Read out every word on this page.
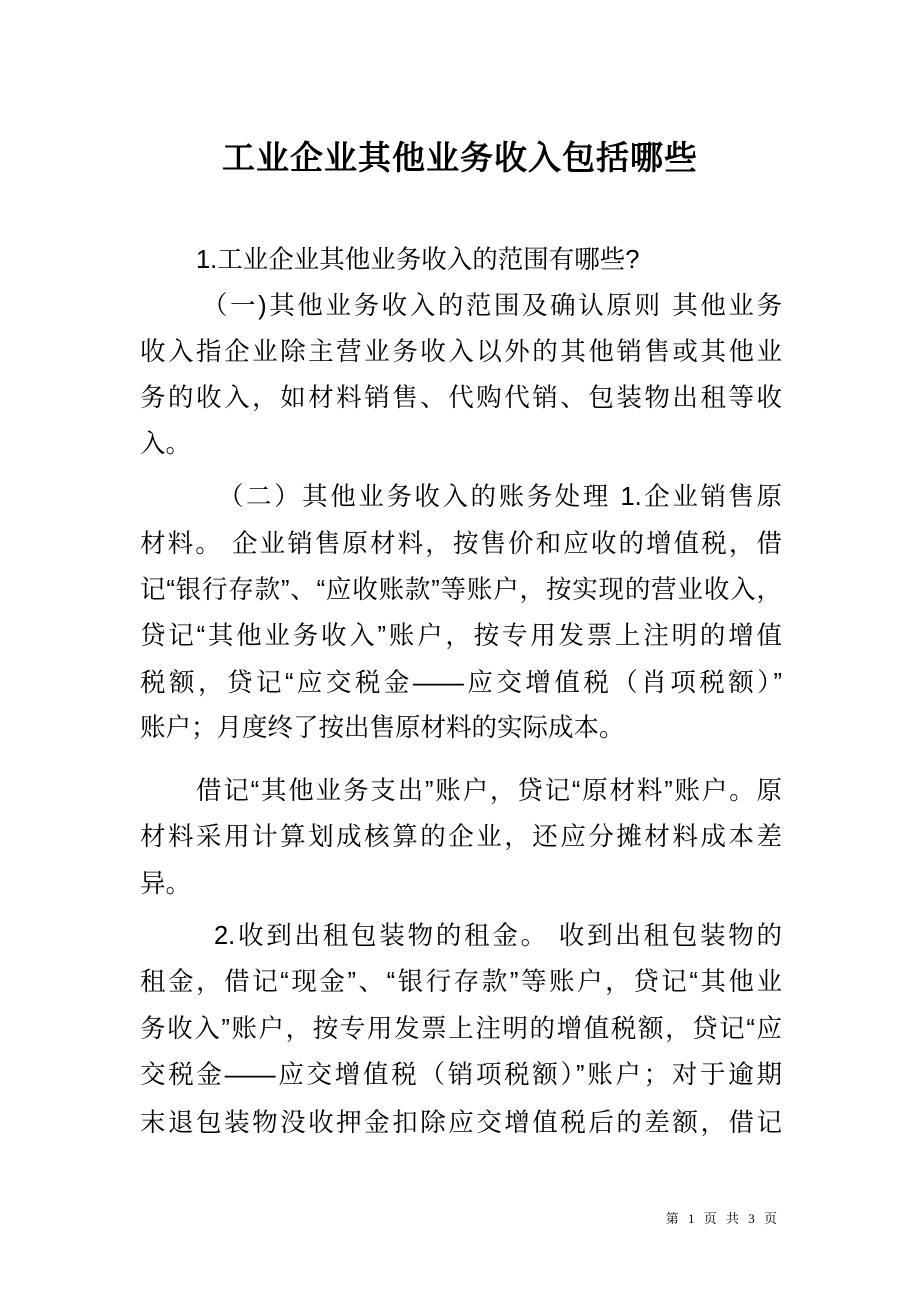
工业企业其他业务收入包括哪些
1.工业企业其他业务收入的范围有哪些?
（一)其他业务收入的范围及确认原则 其他业务
收入指企业除主营业务收入以外的其他销售或其他业
务的收入，如材料销售、代购代销、包装物出租等收
入。
（二）其他业务收入的账务处理 1.企业销售原
材料。 企业销售原材料，按售价和应收的增值税，借
记“银行存款”、“应收账款”等账户，按实现的营业收入，
贷记“其他业务收入”账户，按专用发票上注明的增值
税额，贷记“应交税金——应交增值税（肖项税额）”
账户；月度终了按出售原材料的实际成本。
借记“其他业务支出”账户，贷记“原材料”账户。原
材料采用计算划成核算的企业，还应分摊材料成本差
异。
2.收到出租包装物的租金。 收到出租包装物的
租金，借记“现金”、“银行存款”等账户，贷记“其他业
务收入”账户，按专用发票上注明的增值税额，贷记“应
交税金——应交增值税（销项税额）”账户；对于逾期
末退包装物没收押金扣除应交增值税后的差额，借记
第 1 页 共 3 页
